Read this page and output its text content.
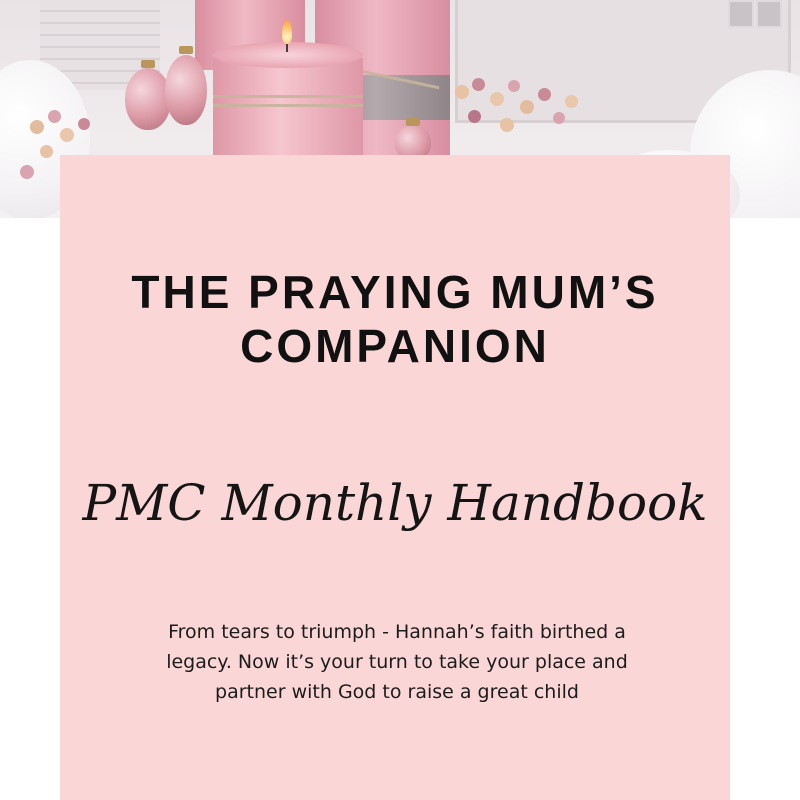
THE PRAYING MUM’S
COMPANION

PMC Monthly Handbook

From tears to triumph - Hannah’s faith birthed a legacy. Now it’s your turn to take your place and partner with God to raise a great child
